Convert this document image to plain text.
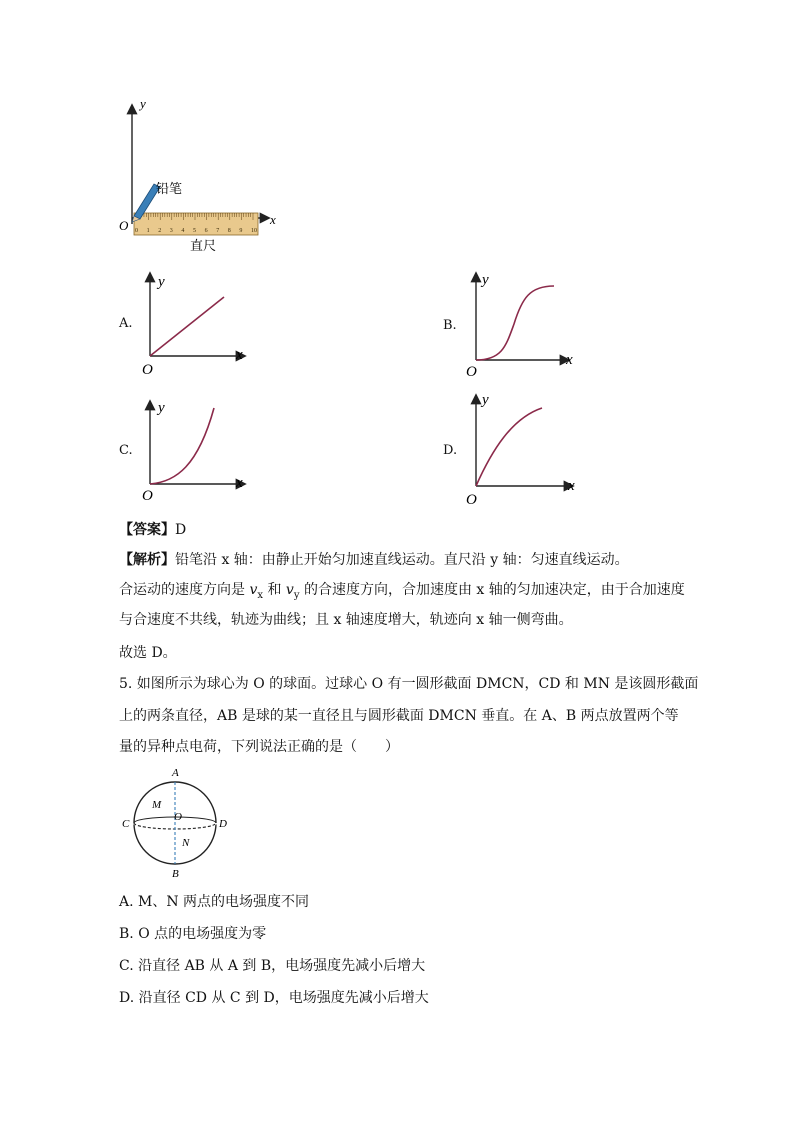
0 1 2 3 4 5 6 7 8 9 10
y
x
O
铅笔
直尺
A.
y
x
O
B.
y
x
O
C.
y
x
O
D.
y
x
O
【答案】D
【解析】铅笔沿 x 轴：由静止开始匀加速直线运动。直尺沿 y 轴：匀速直线运动。
合运动的速度方向是 $v_x$ 和 $v_y$ 的合速度方向，合加速度由 x 轴的匀加速决定，由于合加速度
与合速度不共线，轨迹为曲线；且 x 轴速度增大，轨迹向 x 轴一侧弯曲。
故选 D。
5. 如图所示为球心为 O 的球面。过球心 O 有一圆形截面 DMCN，CD 和 MN 是该圆形截面
上的两条直径，AB 是球的某一直径且与圆形截面 DMCN 垂直。在 A、B 两点放置两个等
量的异种点电荷，下列说法正确的是（　　）
A
B
C	D
M
N
O
A. M、N 两点的电场强度不同
B. O 点的电场强度为零
C. 沿直径 AB 从 A 到 B，电场强度先减小后增大
D. 沿直径 CD 从 C 到 D，电场强度先减小后增大
